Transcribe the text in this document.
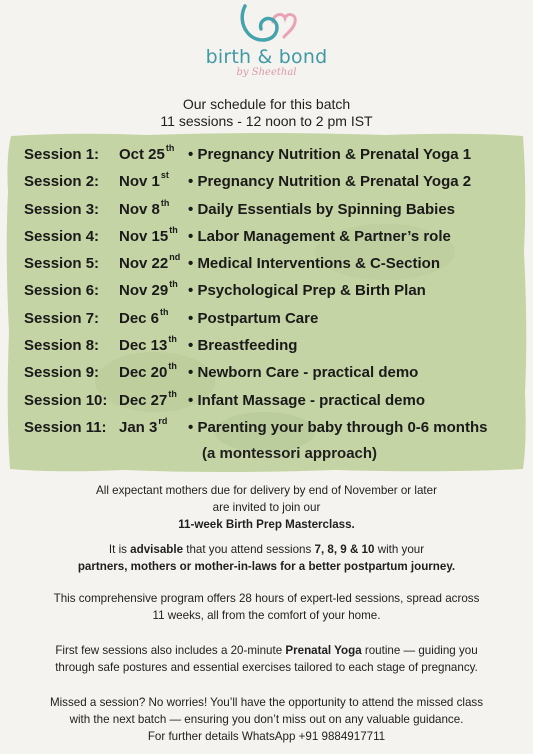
birth & bond
by Sheethal
Our schedule for this batch
11 sessions - 12 noon to 2 pm IST
Session 1: Oct 25th • Pregnancy Nutrition & Prenatal Yoga 1
Session 2: Nov 1st • Pregnancy Nutrition & Prenatal Yoga 2
Session 3: Nov 8th • Daily Essentials by Spinning Babies
Session 4: Nov 15th • Labor Management & Partner’s role
Session 5: Nov 22nd • Medical Interventions & C-Section
Session 6: Nov 29th • Psychological Prep & Birth Plan
Session 7: Dec 6th • Postpartum Care
Session 8: Dec 13th • Breastfeeding
Session 9: Dec 20th • Newborn Care - practical demo
Session 10: Dec 27th • Infant Massage - practical demo
Session 11: Jan 3rd • Parenting your baby through 0-6 months
(a montessori approach)
All expectant mothers due for delivery by end of November or later
are invited to join our
11-week Birth Prep Masterclass.
It is advisable that you attend sessions 7, 8, 9 & 10 with your
partners, mothers or mother-in-laws for a better postpartum journey.
This comprehensive program offers 28 hours of expert-led sessions, spread across
11 weeks, all from the comfort of your home.
First few sessions also includes a 20-minute Prenatal Yoga routine — guiding you
through safe postures and essential exercises tailored to each stage of pregnancy.
Missed a session? No worries! You’ll have the opportunity to attend the missed class
with the next batch — ensuring you don’t miss out on any valuable guidance.
For further details WhatsApp +91 9884917711
